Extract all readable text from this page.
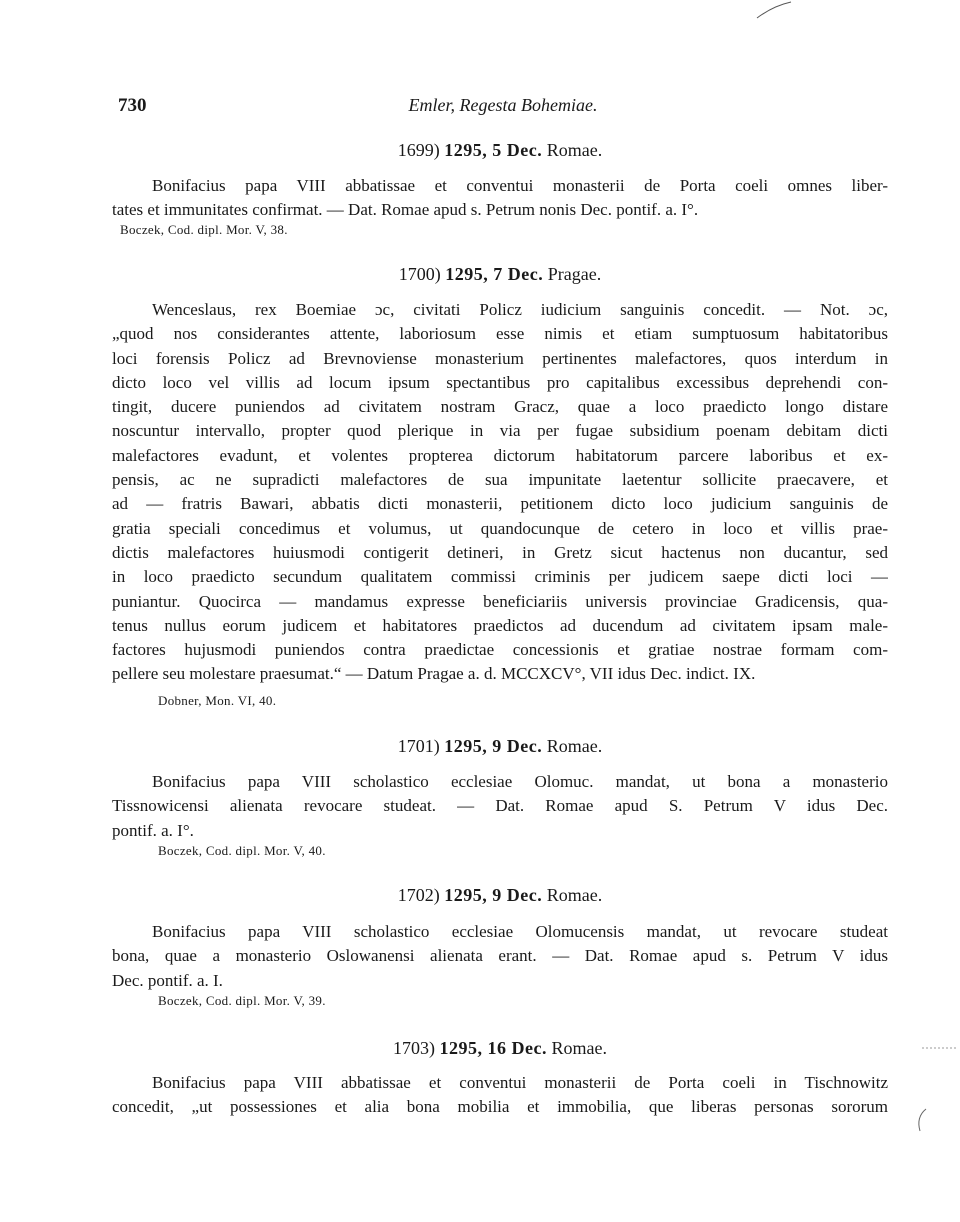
730	Emler, Regesta Bohemiae.
1699) 1295, 5 Dec. Romae.
Bonifacius papa VIII abbatissae et conventui monasterii de Porta coeli omnes liber-
tates et immunitates confirmat. — Dat. Romae apud s. Petrum nonis Dec. pontif. a. I°.
Boczek, Cod. dipl. Mor. V, 38.
1700) 1295, 7 Dec. Pragae.
Wenceslaus, rex Boemiae ɔc, civitati Policz iudicium sanguinis concedit. — Not. ɔc,
„quod nos considerantes attente, laboriosum esse nimis et etiam sumptuosum habitatoribus
loci forensis Policz ad Brevnoviense monasterium pertinentes malefactores, quos interdum in
dicto loco vel villis ad locum ipsum spectantibus pro capitalibus excessibus deprehendi con-
tingit, ducere puniendos ad civitatem nostram Gracz, quae a loco praedicto longo distare
noscuntur intervallo, propter quod plerique in via per fugae subsidium poenam debitam dicti
malefactores evadunt, et volentes propterea dictorum habitatorum parcere laboribus et ex-
pensis, ac ne supradicti malefactores de sua impunitate laetentur sollicite praecavere, et
ad — fratris Bawari, abbatis dicti monasterii, petitionem dicto loco judicium sanguinis de
gratia speciali concedimus et volumus, ut quandocunque de cetero in loco et villis prae-
dictis malefactores huiusmodi contigerit detineri, in Gretz sicut hactenus non ducantur, sed
in loco praedicto secundum qualitatem commissi criminis per judicem saepe dicti loci —
puniantur. Quocirca — mandamus expresse beneficiariis universis provinciae Gradicensis, qua-
tenus nullus eorum judicem et habitatores praedictos ad ducendum ad civitatem ipsam male-
factores hujusmodi puniendos contra praedictae concessionis et gratiae nostrae formam com-
pellere seu molestare praesumat.“ — Datum Pragae a. d. MCCXCV°, VII idus Dec. indict. IX.
Dobner, Mon. VI, 40.
1701) 1295, 9 Dec. Romae.
Bonifacius papa VIII scholastico ecclesiae Olomuc. mandat, ut bona a monasterio
Tissnowicensi alienata revocare studeat. — Dat. Romae apud S. Petrum V idus Dec.
pontif. a. I°.
Boczek, Cod. dipl. Mor. V, 40.
1702) 1295, 9 Dec. Romae.
Bonifacius papa VIII scholastico ecclesiae Olomucensis mandat, ut revocare studeat
bona, quae a monasterio Oslowanensi alienata erant. — Dat. Romae apud s. Petrum V idus
Dec. pontif. a. I.
Boczek, Cod. dipl. Mor. V, 39.
1703) 1295, 16 Dec. Romae.
Bonifacius papa VIII abbatissae et conventui monasterii de Porta coeli in Tischnowitz
concedit, „ut possessiones et alia bona mobilia et immobilia, que liberas personas sororum
